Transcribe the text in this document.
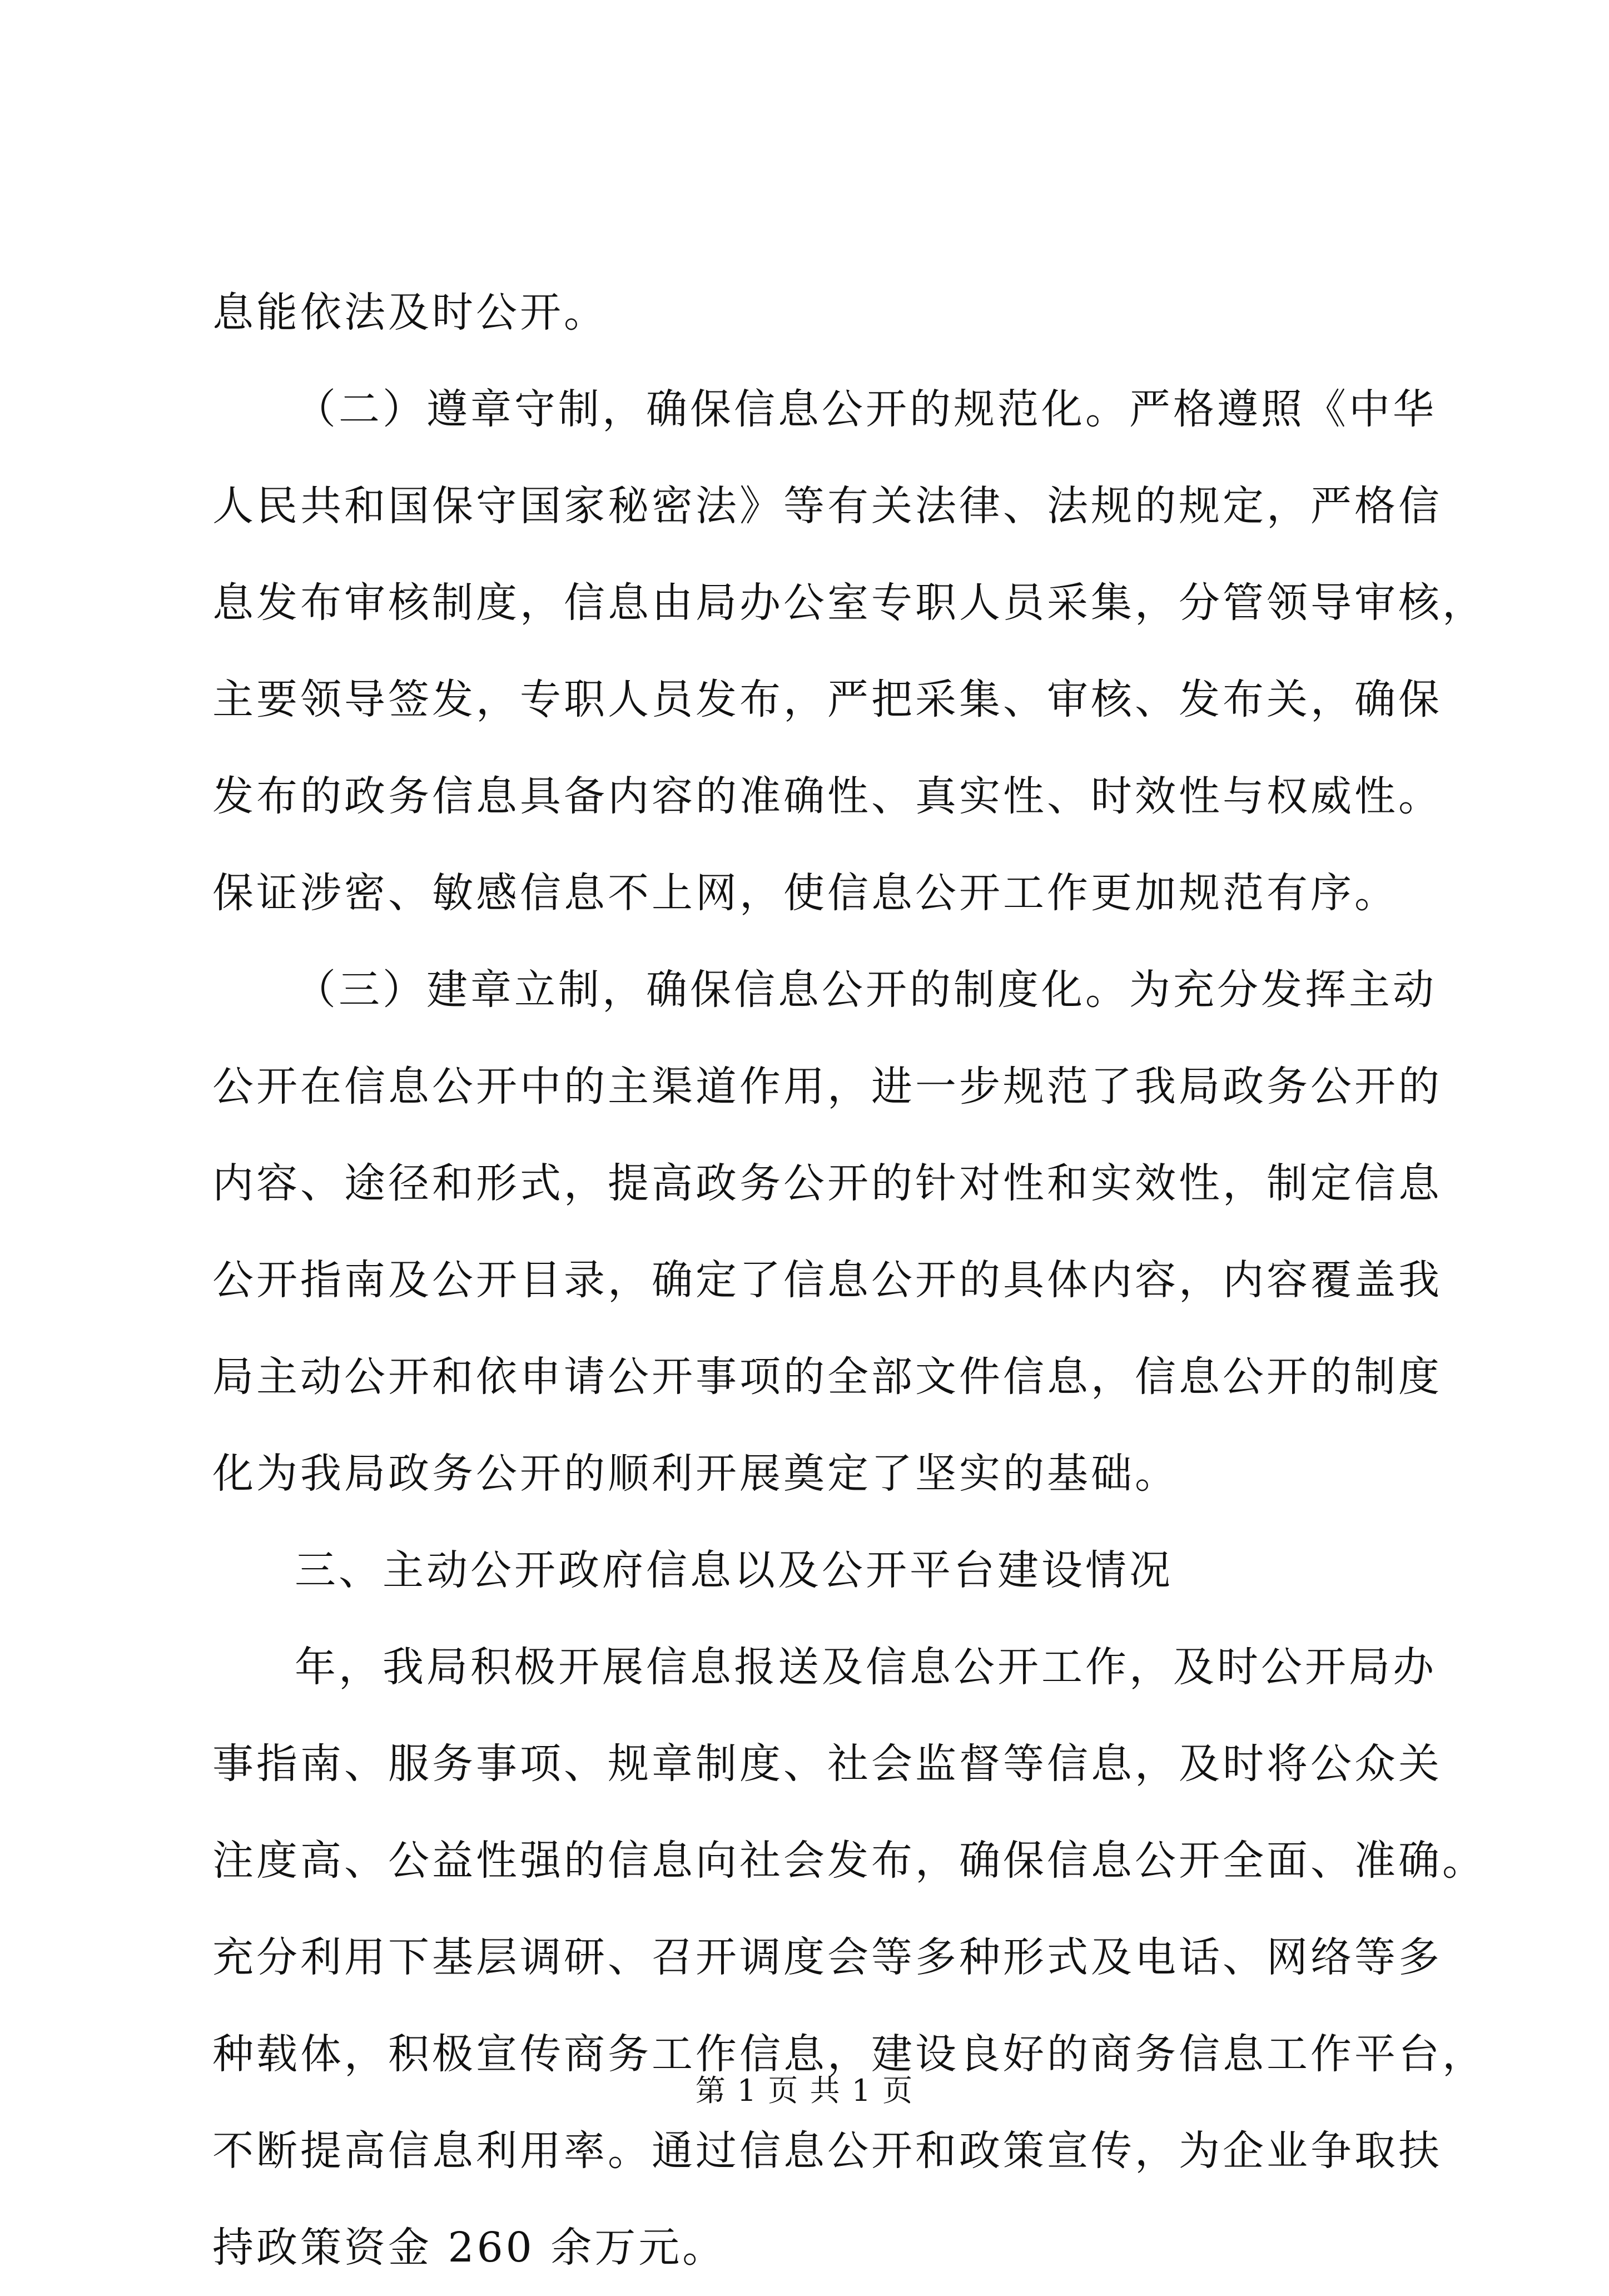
息能依法及时公开。
（二）遵章守制，确保信息公开的规范化。严格遵照《中华
人民共和国保守国家秘密法》等有关法律、法规的规定，严格信
息发布审核制度，信息由局办公室专职人员采集，分管领导审核，
主要领导签发，专职人员发布，严把采集、审核、发布关，确保
发布的政务信息具备内容的准确性、真实性、时效性与权威性。
保证涉密、敏感信息不上网，使信息公开工作更加规范有序。
（三）建章立制，确保信息公开的制度化。为充分发挥主动
公开在信息公开中的主渠道作用，进一步规范了我局政务公开的
内容、途径和形式，提高政务公开的针对性和实效性，制定信息
公开指南及公开目录，确定了信息公开的具体内容，内容覆盖我
局主动公开和依申请公开事项的全部文件信息，信息公开的制度
化为我局政务公开的顺利开展奠定了坚实的基础。
三、主动公开政府信息以及公开平台建设情况
年，我局积极开展信息报送及信息公开工作，及时公开局办
事指南、服务事项、规章制度、社会监督等信息，及时将公众关
注度高、公益性强的信息向社会发布，确保信息公开全面、准确。
充分利用下基层调研、召开调度会等多种形式及电话、网络等多
种载体，积极宣传商务工作信息，建设良好的商务信息工作平台，
不断提高信息利用率。通过信息公开和政策宣传，为企业争取扶
持政策资金 260 余万元。
第 1 页 共 1 页
